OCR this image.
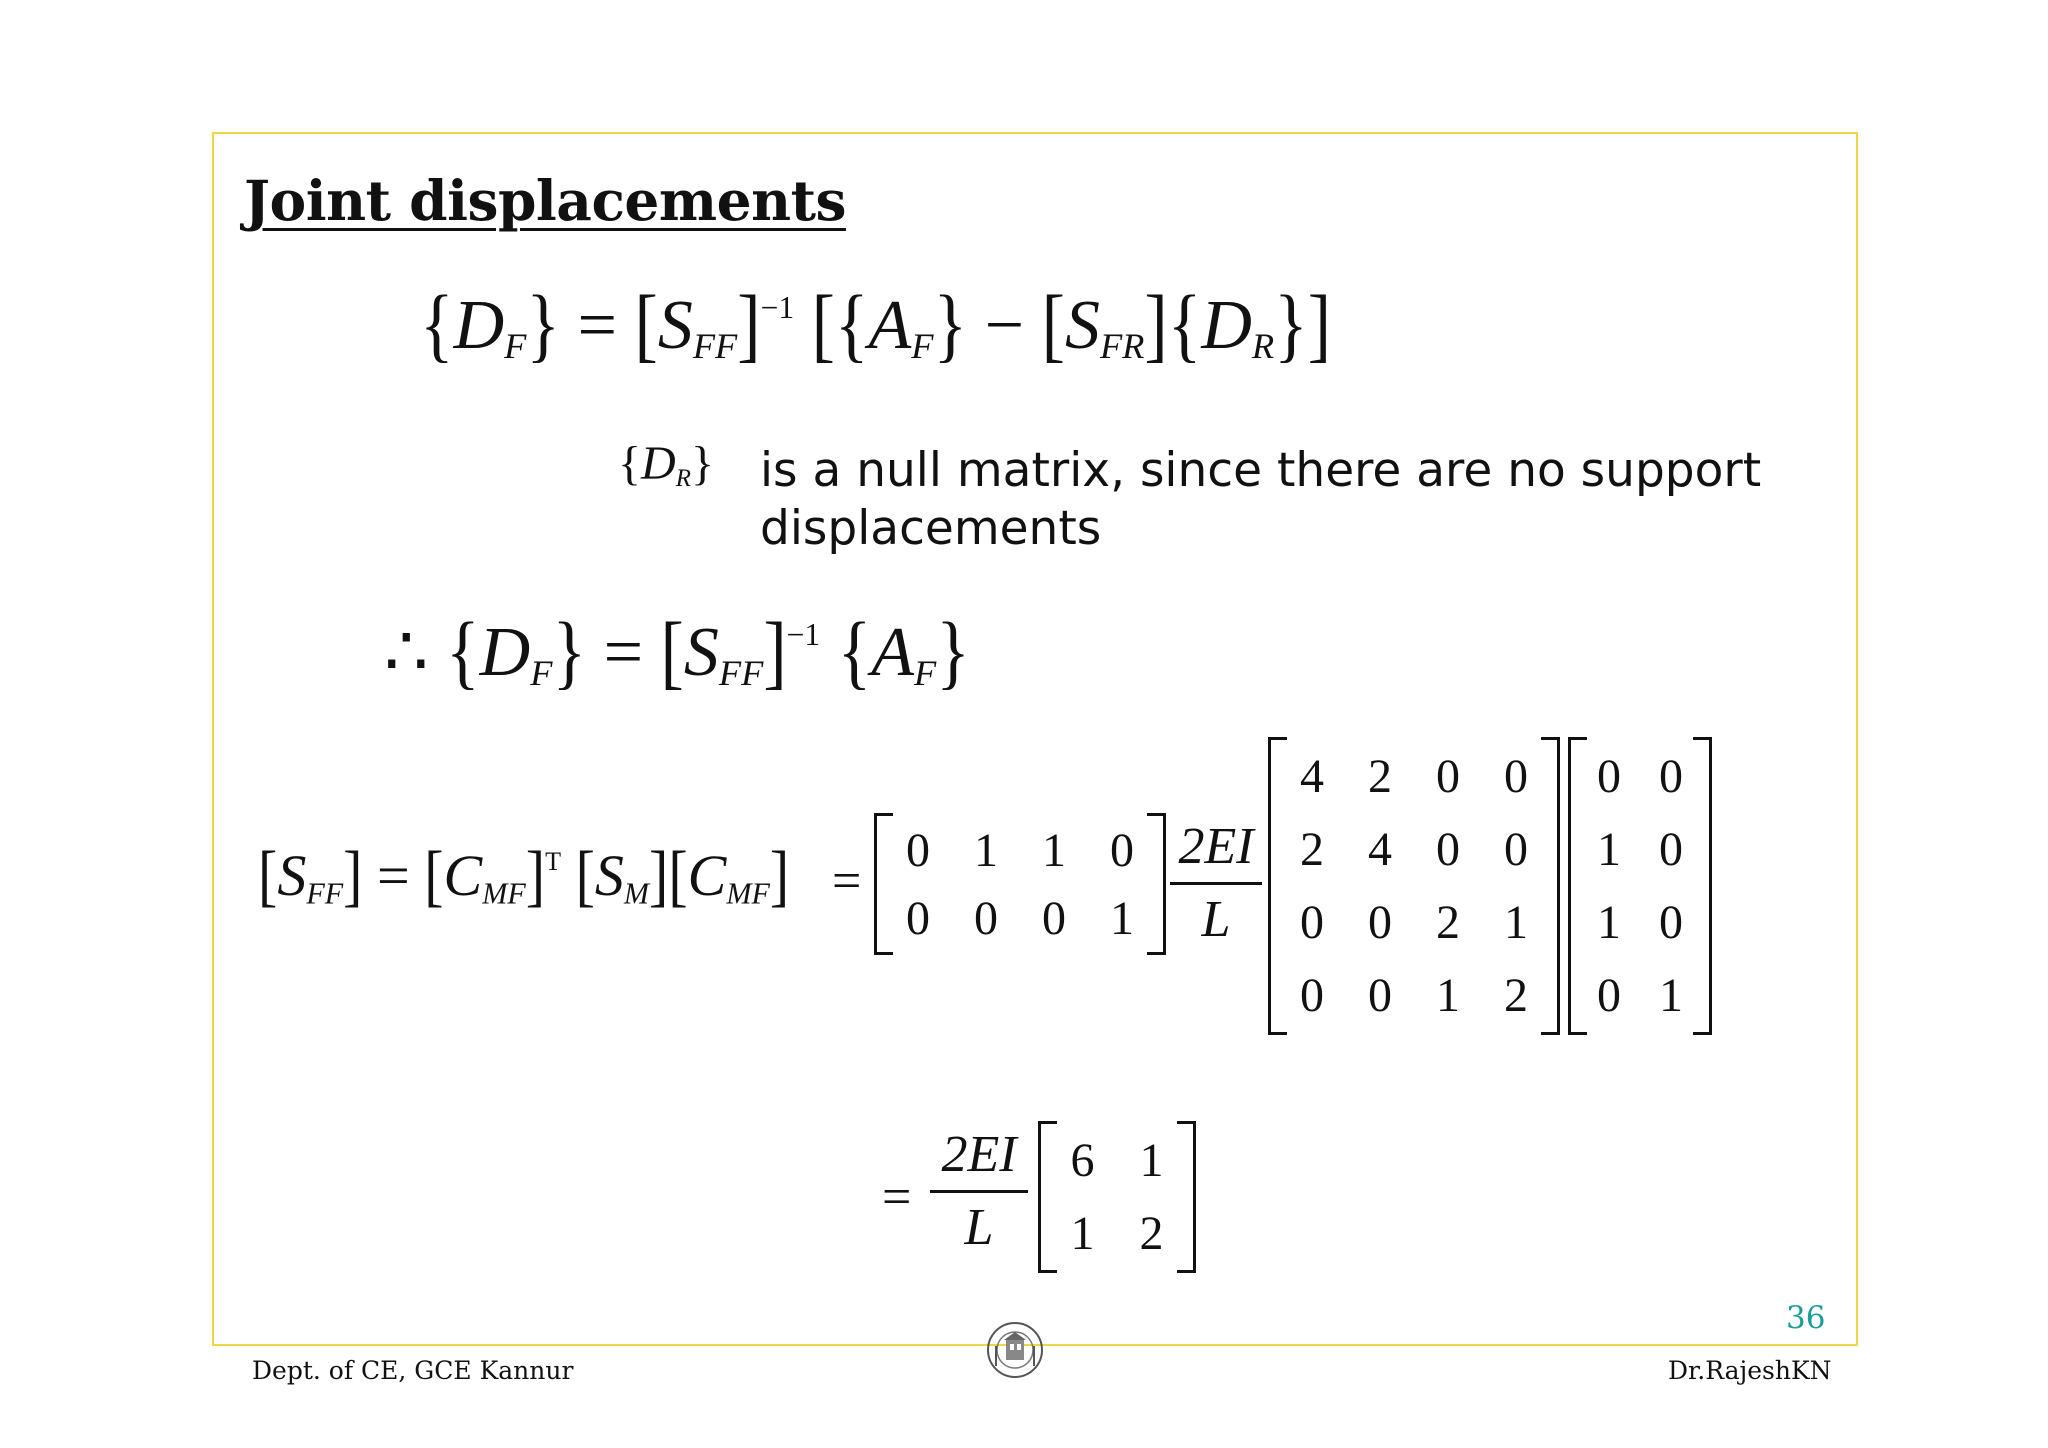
Joint displacements
$\{D_F\} = [S_{FF}]^{-1}$ $[\{A_F\} - [S_{FR}]\{D_R\}]$
$\{D_R\}$ is a null matrix, since there are no support
displacements
∴ $\{D_F\} = [S_{FF}]^{-1}$ $\{A_F\}$
$[S_{FF}] = [C_{MF}]^T$ $[S_M][C_{MF}]$ =
0 1 1 0
0 0 0 $1 \frac{2EI}{L}$
4 2 0 0
2 4 0 0
0 0 2 1
0 0 1 2
0 0
1 0
1 0
0 1
= $\frac{2EI}{L} 6$ 1
1 2
36
Dept. of CE, GCE Kannur	Dr.RajeshKN
